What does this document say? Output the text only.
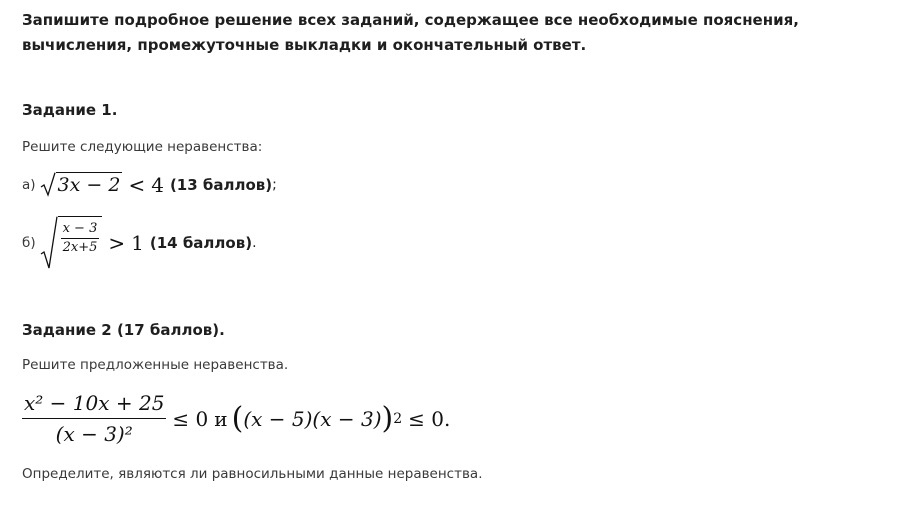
Запишите подробное решение всех заданий, содержащее все необходимые пояснения, вычисления, промежуточные выкладки и окончательный ответ.
Задание 1.
Решите следующие неравенства:
а) 3x − 2 < 4 (13 баллов) ;
$б) \frac{x - 3}{2x+5} > 1$ (14 баллов) .
Задание 2 (17 баллов).
Решите предложенные неравенства.
$\frac{\text{x² − 10x + 25}}{\text{(x − 3)²}} \le 0$ и ( (x − 5)(x − 3) ) 2 ≤ 0.
Определите, являются ли равносильными данные неравенства.
